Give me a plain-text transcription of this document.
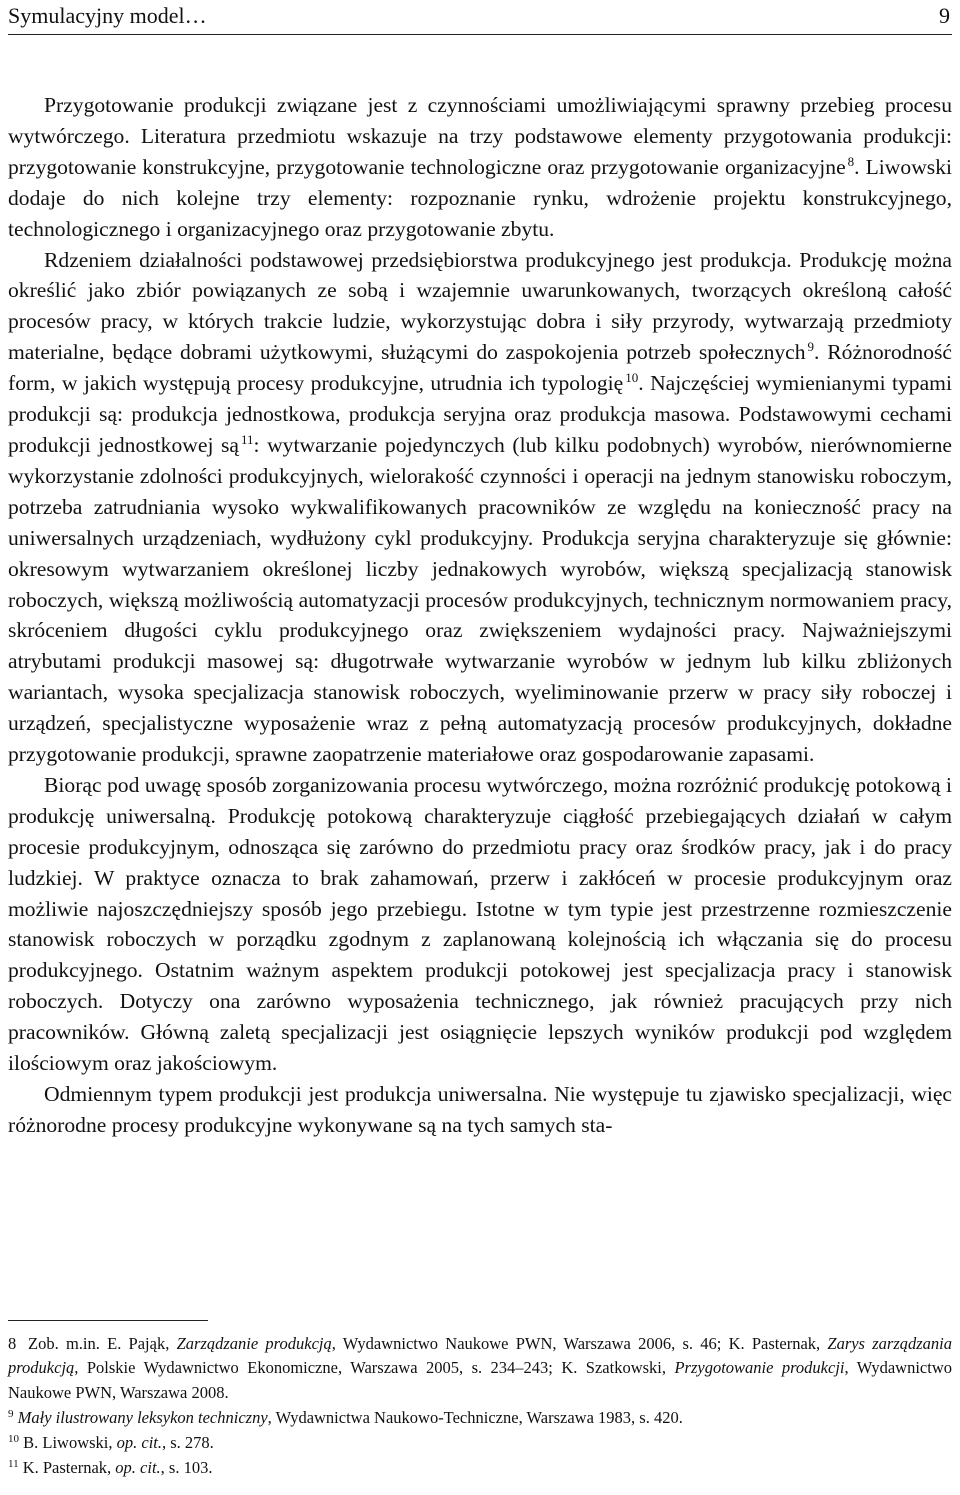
Symulacyjny model…	9

Przygotowanie produkcji związane jest z czynnościami umożliwiającymi sprawny przebieg procesu wytwórczego. Literatura przedmiotu wskazuje na trzy podstawowe elementy przygotowania produkcji: przygotowanie konstrukcyjne, przygotowanie technologiczne oraz przygotowanie organizacyjne $^8$. Liwowski dodaje do nich kolejne trzy elementy: rozpoznanie rynku, wdrożenie projektu konstrukcyjnego, technologicznego i organizacyjnego oraz przygotowanie zbytu.

Rdzeniem działalności podstawowej przedsiębiorstwa produkcyjnego jest produkcja. Produkcję można określić jako zbiór powiązanych ze sobą i wzajemnie uwarunkowanych, tworzących określoną całość procesów pracy, w których trakcie ludzie, wykorzystując dobra i siły przyrody, wytwarzają przedmioty materialne, będące dobrami użytkowymi, służącymi do zaspokojenia potrzeb społecznych $^9$. Różnorodność form, w jakich występują procesy produkcyjne, utrudnia ich typologię $^{10}$. Najczęściej wymienianymi typami produkcji są: produkcja jednostkowa, produkcja seryjna oraz produkcja masowa. Podstawowymi cechami produkcji jednostkowej są $^{11}$: wytwarzanie pojedynczych (lub kilku podobnych) wyrobów, nierównomierne wykorzystanie zdolności produkcyjnych, wielorakość czynności i operacji na jednym stanowisku roboczym, potrzeba zatrudniania wysoko wykwalifikowanych pracowników ze względu na konieczność pracy na uniwersalnych urządzeniach, wydłużony cykl produkcyjny. Produkcja seryjna charakteryzuje się głównie: okresowym wytwarzaniem określonej liczby jednakowych wyrobów, większą specjalizacją stanowisk roboczych, większą możliwością automatyzacji procesów produkcyjnych, technicznym normowaniem pracy, skróceniem długości cyklu produkcyjnego oraz zwiększeniem wydajności pracy. Najważniejszymi atrybutami produkcji masowej są: długotrwałe wytwarzanie wyrobów w jednym lub kilku zbliżonych wariantach, wysoka specjalizacja stanowisk roboczych, wyeliminowanie przerw w pracy siły roboczej i urządzeń, specjalistyczne wyposażenie wraz z pełną automatyzacją procesów produkcyjnych, dokładne przygotowanie produkcji, sprawne zaopatrzenie materiałowe oraz gospodarowanie zapasami.

Biorąc pod uwagę sposób zorganizowania procesu wytwórczego, można rozróżnić produkcję potokową i produkcję uniwersalną. Produkcję potokową charakteryzuje ciągłość przebiegających działań w całym procesie produkcyjnym, odnosząca się zarówno do przedmiotu pracy oraz środków pracy, jak i do pracy ludzkiej. W praktyce oznacza to brak zahamowań, przerw i zakłóceń w procesie produkcyjnym oraz możliwie najoszczędniejszy sposób jego przebiegu. Istotne w tym typie jest przestrzenne rozmieszczenie stanowisk roboczych w porządku zgodnym z zaplanowaną kolejnością ich włączania się do procesu produkcyjnego. Ostatnim ważnym aspektem produkcji potokowej jest specjalizacja pracy i stanowisk roboczych. Dotyczy ona zarówno wyposażenia technicznego, jak również pracujących przy nich pracowników. Główną zaletą specjalizacji jest osiągnięcie lepszych wyników produkcji pod względem ilościowym oraz jakościowym.

Odmiennym typem produkcji jest produkcja uniwersalna. Nie występuje tu zjawisko specjalizacji, więc różnorodne procesy produkcyjne wykonywane są na tych samych sta-

8 Zob. m.in. E. Pająk, Zarządzanie produkcją, Wydawnictwo Naukowe PWN, Warszawa 2006, s. 46; K. Pasternak, Zarys zarządzania produkcją, Polskie Wydawnictwo Ekonomiczne, Warszawa 2005, s. 234–243; K. Szatkowski, Przygotowanie produkcji, Wydawnictwo Naukowe PWN, Warszawa 2008.

$^9$ Mały ilustrowany leksykon techniczny, Wydawnictwa Naukowo-Techniczne, Warszawa 1983, s. 420.

$^{10}$ B. Liwowski, op. cit., s. 278.

$^{11}$ K. Pasternak, op. cit., s. 103.
